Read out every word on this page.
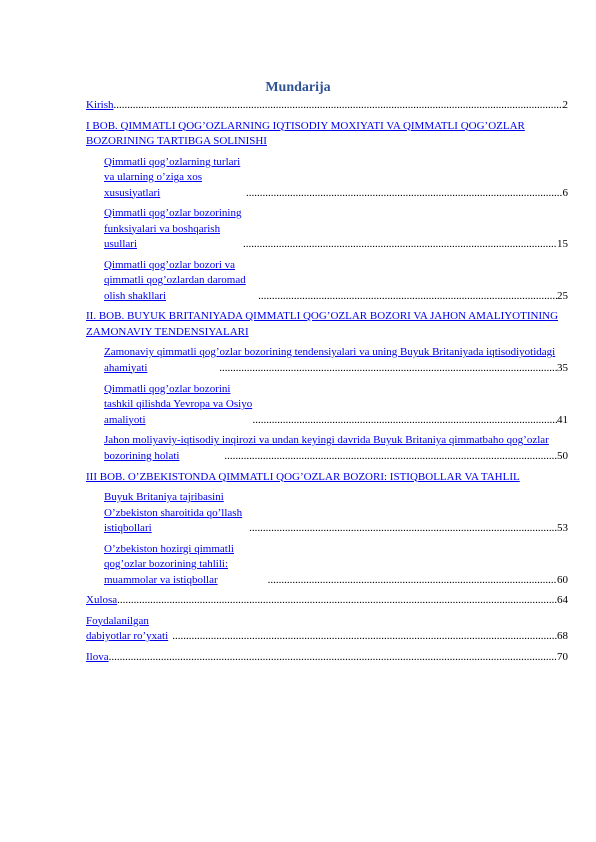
Mundarija
Kirish .....	2
I BOB. QIMMATLI QOG’OZLARNING IQTISODIY MOXIYATI VA QIMMATLI QOG’OZLAR BOZORINING TARTIBGA SOLINISHI
Qimmatli qog’ozlarning turlari va ularning o’ziga xos xususiyatlari .....	6
Qimmatli qog’ozlar bozorining funksiyalari va boshqarish usullari .....	15
Qimmatli qog’ozlar bozori va qimmatli qog’ozlardan daromad olish shakllari .....	25
II. BOB. BUYUK BRITANIYADA QIMMATLI QOG’OZLAR BOZORI VA JAHON AMALIYOTINING ZAMONAVIY TENDENSIYALARI
Zamonaviy qimmatli qog’ozlar bozorining tendensiyalari va uning Buyuk Britaniyada iqtisodiyotidagi ahamiyati .....	35
Qimmatli qog’ozlar bozorini tashkil qilishda Yevropa va Osiyo amaliyoti .....	41
Jahon moliyaviy-iqtisodiy inqirozi va undan keyingi davrida Buyuk Britaniya qimmatbaho qog’ozlar bozorining holati .....	50
III BOB. O’ZBEKISTONDA QIMMATLI QOG’OZLAR BOZORI: ISTIQBOLLAR VA TAHLIL
Buyuk Britaniya tajribasini O’zbekiston sharoitida qo’llash istiqbollari .....	53
O’zbekiston hozirgi qimmatli qog’ozlar bozorining tahlili: muammolar va istiqbollar .....	60
Xulosa .....	64
Foydalanilgan dabiyotlar ro’yxati .....	68
Ilova .....	70
